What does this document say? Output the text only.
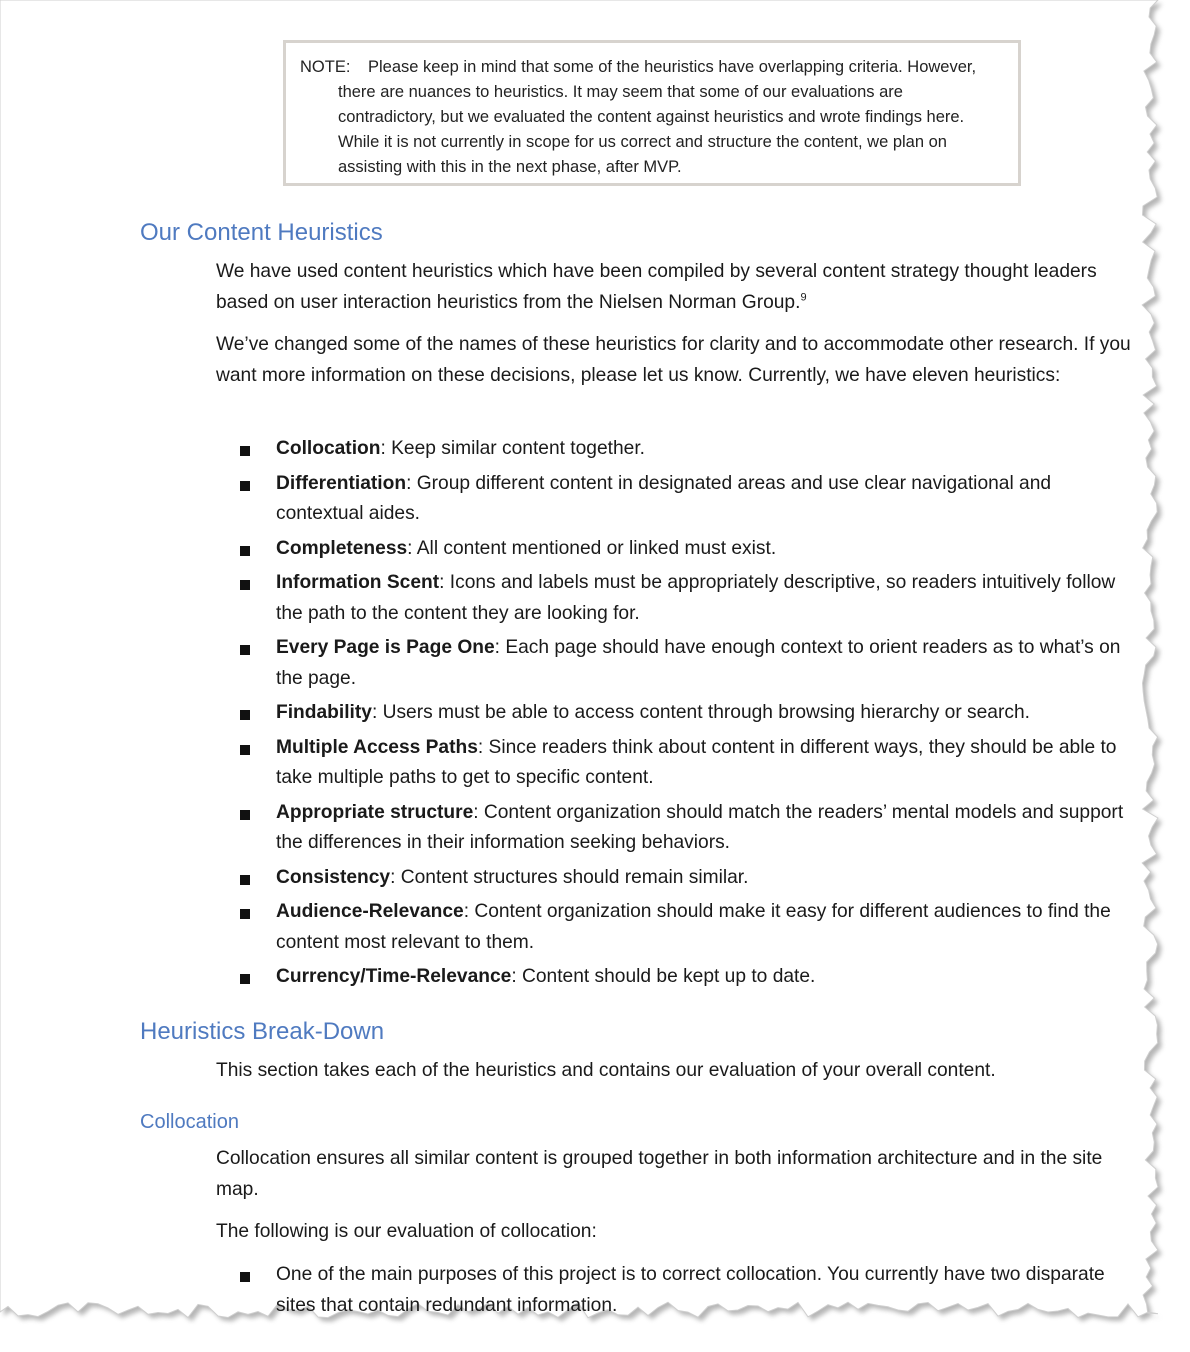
NOTE: Please keep in mind that some of the heuristics have overlapping criteria. However, there are nuances to heuristics. It may seem that some of our evaluations are contradictory, but we evaluated the content against heuristics and wrote findings here. While it is not currently in scope for us correct and structure the content, we plan on assisting with this in the next phase, after MVP.

Our Content Heuristics

We have used content heuristics which have been compiled by several content strategy thought leaders based on user interaction heuristics from the Nielsen Norman Group.$^9$

We’ve changed some of the names of these heuristics for clarity and to accommodate other research. If you want more information on these decisions, please let us know. Currently, we have eleven heuristics:

Collocation: Keep similar content together.
Differentiation: Group different content in designated areas and use clear navigational and contextual aides.
Completeness: All content mentioned or linked must exist.
Information Scent: Icons and labels must be appropriately descriptive, so readers intuitively follow the path to the content they are looking for.
Every Page is Page One: Each page should have enough context to orient readers as to what’s on the page.
Findability: Users must be able to access content through browsing hierarchy or search.
Multiple Access Paths: Since readers think about content in different ways, they should be able to take multiple paths to get to specific content.
Appropriate structure: Content organization should match the readers’ mental models and support the differences in their information seeking behaviors.
Consistency: Content structures should remain similar.
Audience-Relevance: Content organization should make it easy for different audiences to find the content most relevant to them.
Currency/Time-Relevance: Content should be kept up to date.
Heuristics Break-Down

This section takes each of the heuristics and contains our evaluation of your overall content.

Collocation

Collocation ensures all similar content is grouped together in both information architecture and in the site map.

The following is our evaluation of collocation:

One of the main purposes of this project is to correct collocation. You currently have two disparate sites that contain redundant information.
